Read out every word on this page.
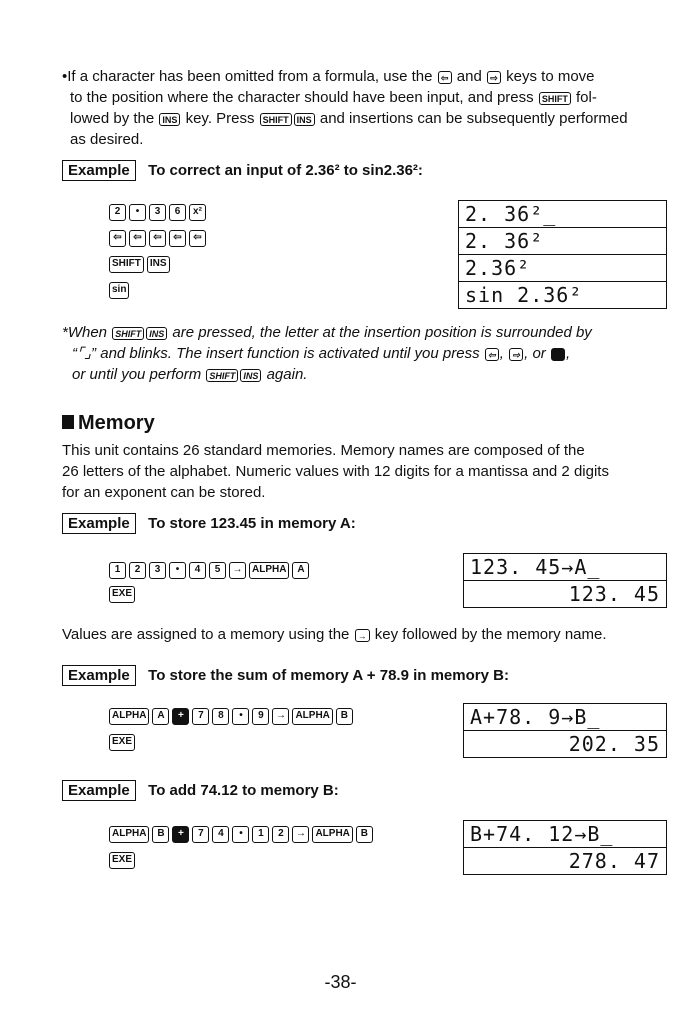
•If a character has been omitted from a formula, use the ⇦ and ⇨ keys to move
to the position where the character should have been input, and press SHIFT fol-
lowed by the INS key. Press SHIFT INS and insertions can be subsequently performed
as desired.
Example To correct an input of 2.36² to sin2.36²:
2	•	3	6	x²
⇦	⇦	⇦	⇦	⇦
SHIFT INS
sin
2. 36²_
2. 36²
2.36²
sin 2.36²
*When SHIFT INS are pressed, the letter at the insertion position is surrounded by
“⌜⌟” and blinks. The insert function is activated until you press ⇦ , ⇨ , or ,
or until you perform SHIFT INS again.
Memory
This unit contains 26 standard memories. Memory names are composed of the
26 letters of the alphabet. Numeric values with 12 digits for a mantissa and 2 digits
for an exponent can be stored.
Example To store 123.45 in memory A:
1	2	3	•	4	5	→ ALPHA	A
EXE
123. 45→A_
123. 45
Values are assigned to a memory using the → key followed by the memory name.
Example To store the sum of memory A + 78.9 in memory B:
ALPHA	A	+	7	8	•	9	→ ALPHA	B
EXE
A+78. 9→B_
202. 35
Example To add 74.12 to memory B:
ALPHA	B	+	7	4	•	1	2	→ ALPHA	B
EXE
B+74. 12→B_
278. 47
-38-
